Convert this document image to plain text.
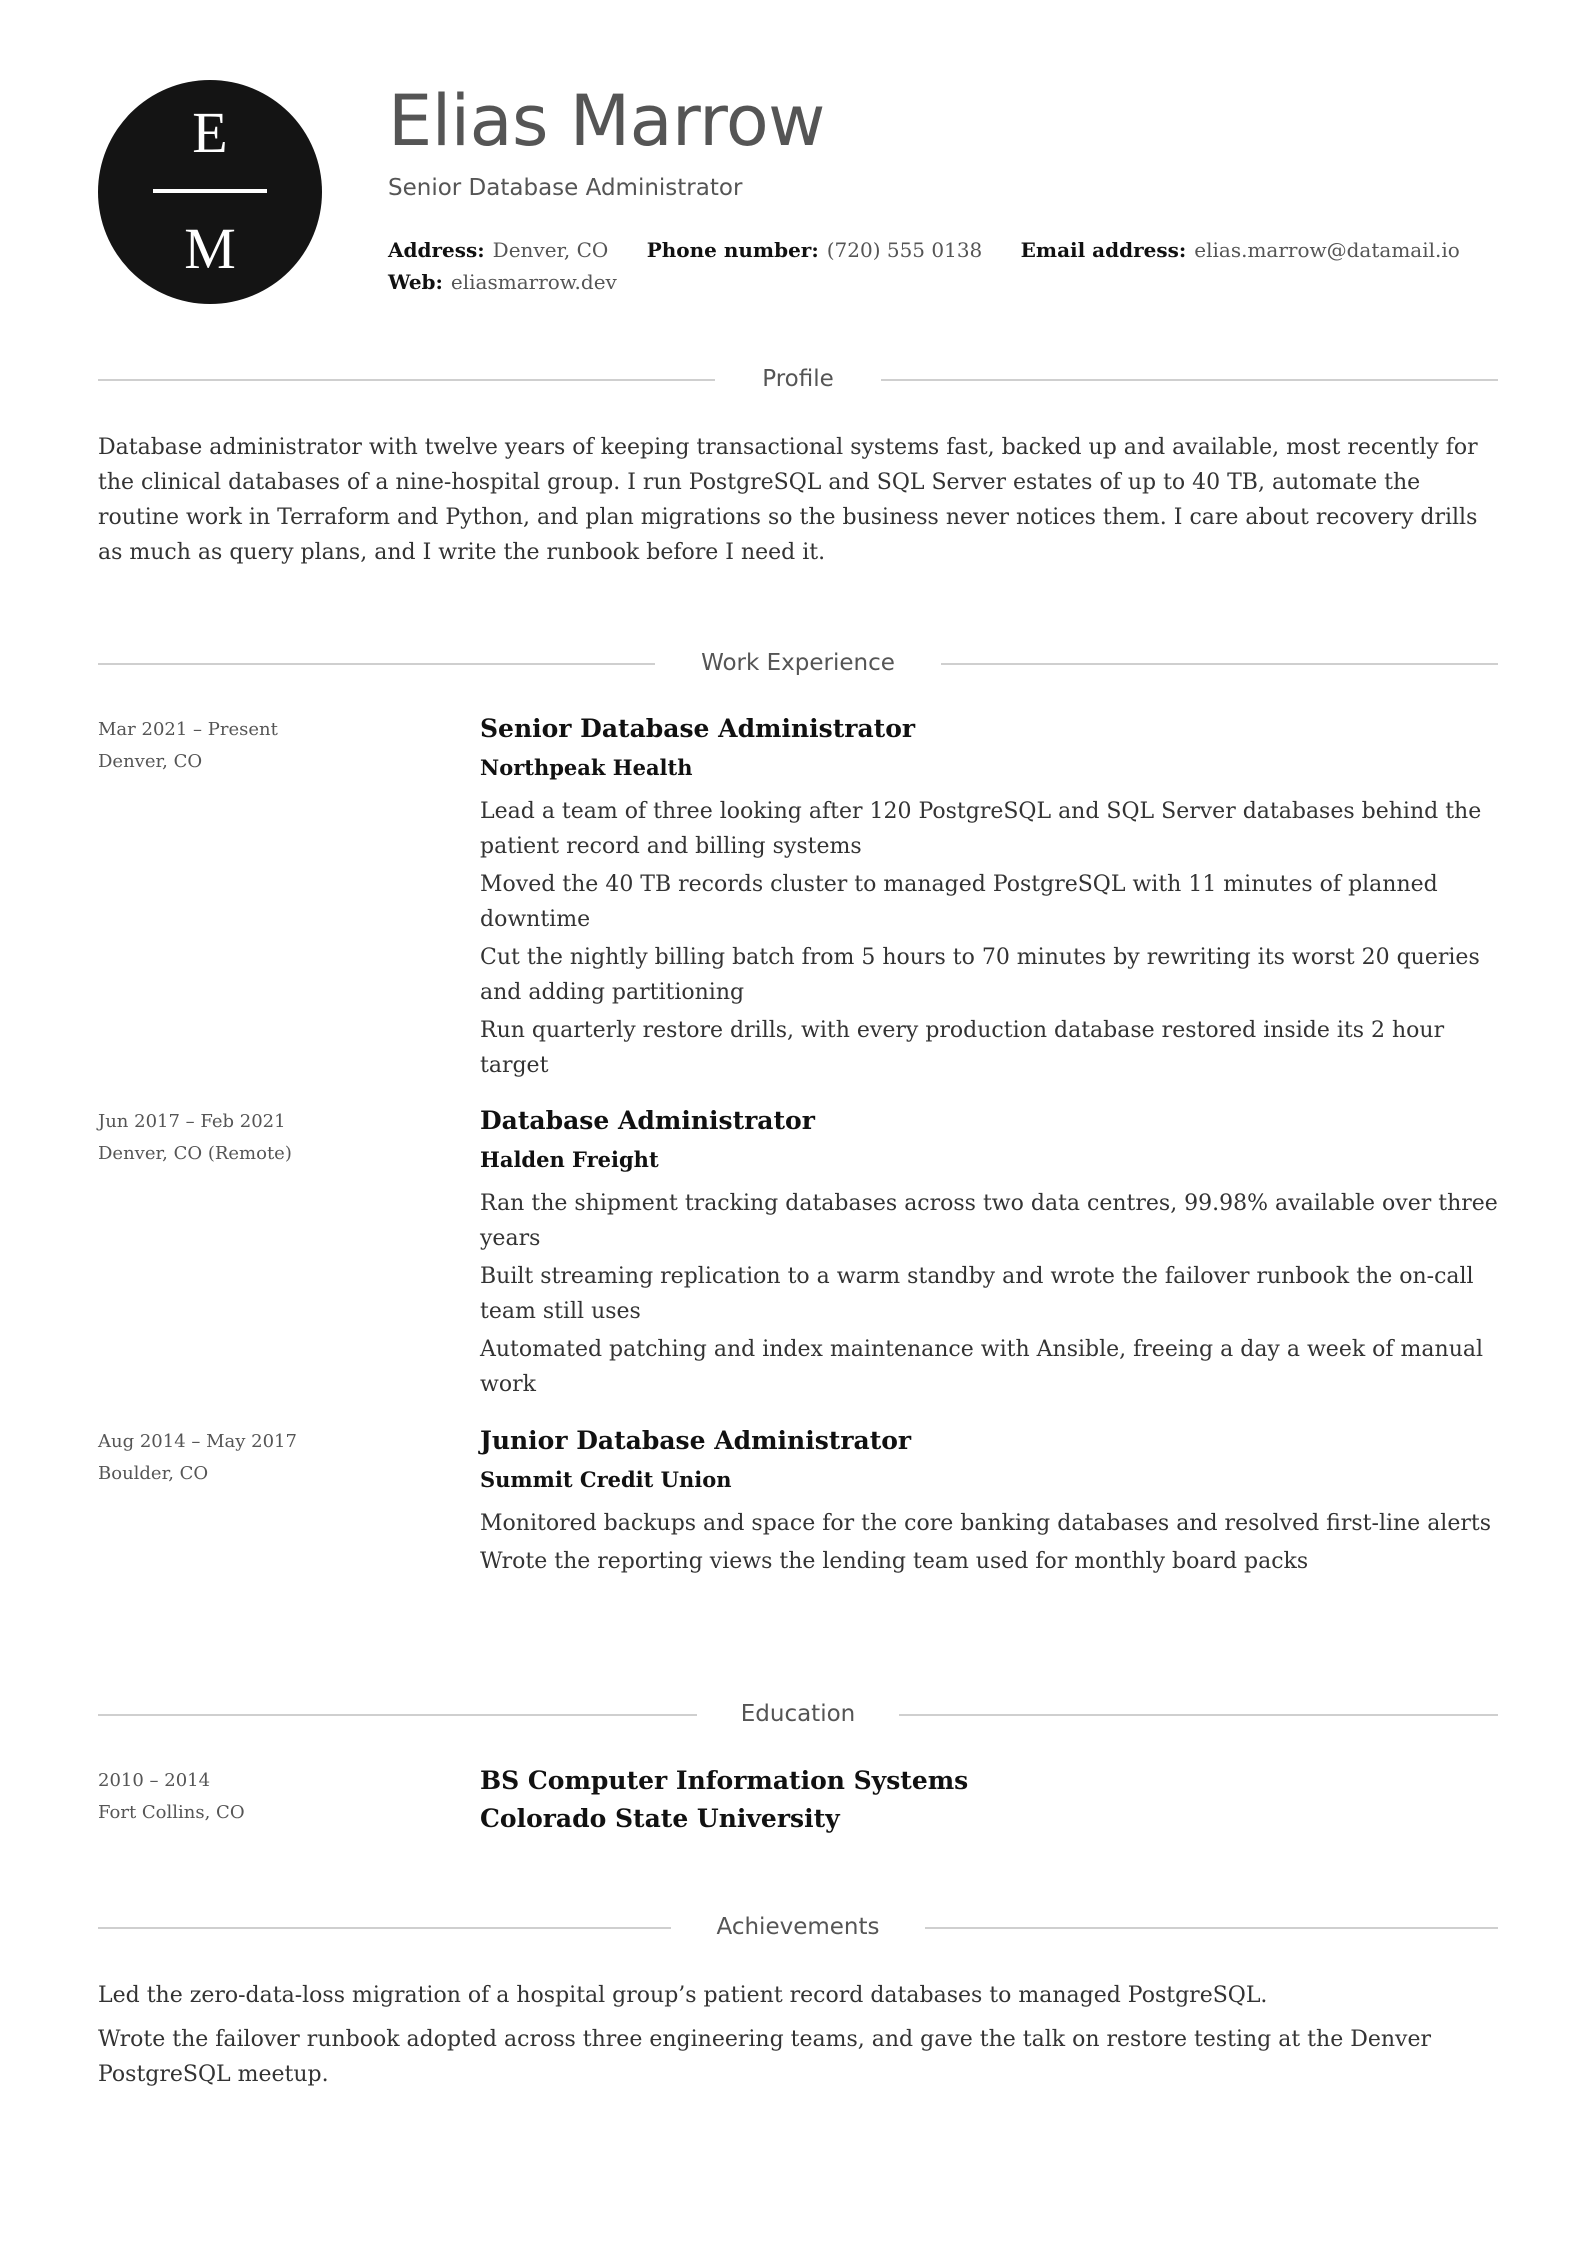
E
M
Elias Marrow
Senior Database Administrator
Address: Denver, CO Phone number: (720) 555 0138 Email address: elias.marrow@datamail.io
Web: eliasmarrow.dev
Profile

Database administrator with twelve years of keeping transactional systems fast, backed up and available, most recently for the clinical databases of a nine-hospital group. I run PostgreSQL and SQL Server estates of up to 40 TB, automate the routine work in Terraform and Python, and plan migrations so the business never notices them. I care about recovery drills as much as query plans, and I write the runbook before I need it.

Work Experience
Mar 2021 – Present
Denver, CO
Senior Database Administrator
Northpeak Health
Lead a team of three looking after 120 PostgreSQL and SQL Server databases behind the patient record and billing systems
Moved the 40 TB records cluster to managed PostgreSQL with 11 minutes of planned downtime
Cut the nightly billing batch from 5 hours to 70 minutes by rewriting its worst 20 queries and adding partitioning
Run quarterly restore drills, with every production database restored inside its 2 hour target
Jun 2017 – Feb 2021
Denver, CO (Remote)
Database Administrator
Halden Freight
Ran the shipment tracking databases across two data centres, 99.98% available over three years
Built streaming replication to a warm standby and wrote the failover runbook the on-call team still uses
Automated patching and index maintenance with Ansible, freeing a day a week of manual work
Aug 2014 – May 2017
Boulder, CO
Junior Database Administrator
Summit Credit Union
Monitored backups and space for the core banking databases and resolved first-line alerts
Wrote the reporting views the lending team used for monthly board packs
Education
2010 – 2014
Fort Collins, CO
BS Computer Information Systems
Colorado State University
Achievements
Led the zero-data-loss migration of a hospital group’s patient record databases to managed PostgreSQL.
Wrote the failover runbook adopted across three engineering teams, and gave the talk on restore testing at the Denver PostgreSQL meetup.
